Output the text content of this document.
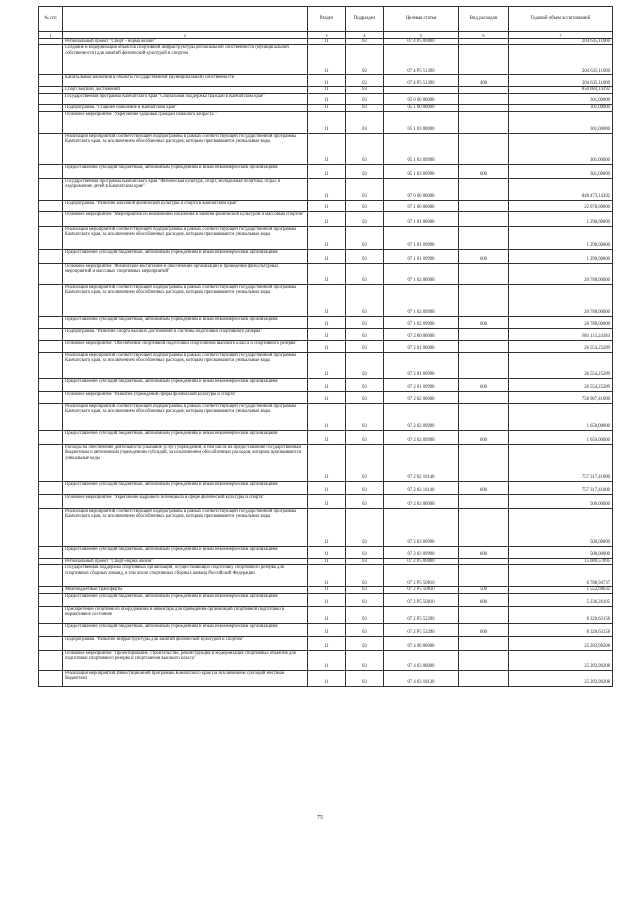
№ п/п		Раздел	Подраздел	Целевая статья	Вид расходов	Годовой объем ассигнований
1	2	3	4	5	6	7
	Региональный проект "Спорт - норма жизни"	11	02	07 4 P5 00000		204 635,11000
	Создание и модернизация объектов спортивной инфраструктуры региональной собственности (муниципальной собственности) для занятий физической культурой и спортом	11	02	07 4 P5 51390		204 635,11000
	Капитальные вложения в объекты государственной (муниципальной) собственности	11	02	07 4 P5 51390	400	204 635,11000
	Спорт высших достижений	11	03			850 084,14392
	Государственная программа Камчатского края "Социальная поддержка граждан в Камчатском крае"	11	03	05 0 00 00000		301,00000
	Подпрограмма "Старшее поколение в Камчатском крае"	11	03	05 1 00 00000		301,00000
	Основное мероприятие "Укрепление здоровья граждан пожилого возраста "	11	03	05 1 03 00000		301,00000
	Реализация мероприятий соответствующей подпрограммы в рамках соответствующей государственной программы Камчатского края, за исключением обособленных расходов, которым присваиваются уникальные коды	11	03	05 1 03 09990		301,00000
	Предоставление субсидий бюджетным, автономным учреждениям и иным некоммерческим организациям	11	03	05 1 03 09990	600	301,00000
	Государственная программа Камчатского края "Физическая культура, спорт, молодежная политика, отдых и оздоровление детей в Камчатском крае"	11	03	07 0 00 00000		848 473,14392
	Подпрограмма "Развитие массовой физической культуры и спорта в Камчатском крае"	11	03	07 1 00 00000		22 078,00000
	Основное мероприятие "Мероприятия по вовлечению населения в занятия физической культурой и массовым спортом"	11	03	07 1 01 00000		1 290,00000
	Реализация мероприятий соответствующей подпрограммы в рамках соответствующей государственной программы Камчатского края, за исключением обособленных расходов, которым присваиваются уникальные коды	11	03	07 1 01 09990		1 290,00000
	Предоставление субсидий бюджетным, автономным учреждениям и иным некоммерческим организациям	11	03	07 1 01 09990	600	1 290,00000
	Основное мероприятие "Физическое воспитание и обеспечение организации и проведения физкультурных мероприятий и массовых спортивных мероприятий"	11	03	07 1 02 00000		20 788,00000
	Реализация мероприятий соответствующей подпрограммы в рамках соответствующей государственной программы Камчатского края, за исключением обособленных расходов, которым присваиваются уникальные коды	11	03	07 1 02 09990		20 788,00000
	Предоставление субсидий бюджетным, автономным учреждениям и иным некоммерческим организациям	11	03	07 1 02 09990	600	20 788,00000
	Подпрограмма "Развитие спорта высших достижений и системы подготовки спортивного резерва"	11	03	07 2 00 00000		801 111,24184
	Основное мероприятие "Обеспечение спортивной подготовки спортсменов высокого класса и спортивного резерва"	11	03	07 2 01 00000		26 554,25289
	Реализация мероприятий соответствующей подпрограммы в рамках соответствующей государственной программы Камчатского края, за исключением обособленных расходов, которым присваиваются уникальные коды	11	03	07 2 01 09990		26 554,25289
	Предоставление субсидий бюджетным, автономным учреждениям и иным некоммерческим организациям	11	03	07 2 01 09990	600	26 554,25289
	Основное мероприятие "Развитие учреждений сферы физической культуры и спорта"	11	03	07 2 02 00000		758 967,41000
	Реализация мероприятий соответствующей подпрограммы в рамках соответствующей государственной программы Камчатского края, за исключением обособленных расходов, которым присваиваются уникальные коды	11	03	07 2 02 09990		1 650,00000
	Предоставление субсидий бюджетным, автономным учреждениям и иным некоммерческим организациям	11	03	07 2 02 09990	600	1 650,00000
	Расходы на обеспечение деятельности (оказание услуг) учреждений, в том числе на предоставление государственным бюджетным и автономным учреждениям субсидий, за исключением обособленных расходов, которым присваиваются уникальные коды	11	03	07 2 02 10140		757 317,41000
	Предоставление субсидий бюджетным, автономным учреждениям и иным некоммерческим организациям	11	03	07 2 02 10140	600	757 317,41000
	Основное мероприятие "Укрепление кадрового потенциала в сфере физической культуры и спорта"	11	03	07 2 03 00000		500,00000
	Реализация мероприятий соответствующей подпрограммы в рамках соответствующей государственной программы Камчатского края, за исключением обособленных расходов, которым присваиваются уникальные коды	11	03	07 2 03 09990		500,00000
	Предоставление субсидий бюджетным, автономным учреждениям и иным некоммерческим организациям	11	03	07 2 03 09990	600	500,00000
	Региональный проект "Спорт-норма жизни"	11	03	07 2 P5 00000		15 089,57895
	Государственная поддержка спортивных организаций, осуществляющих подготовку спортивного резерва для спортивных сборных команд, в том числе спортивных сборных команд Российской Федерации	11	03	07 2 P5 50810		6 788,94737
	Межбюджетные трансферты	11	03	07 2 P5 50810	500	1 552,68632
	Предоставление субсидий бюджетным, автономным учреждениям и иным некоммерческим организациям	11	03	07 2 P5 50810	600	5 236,26105
	Приобретение спортивного оборудования и инвентаря для приведения организаций спортивной подготовки в нормативное состояние	11	03	07 2 P5 52290		8 320,63158
	Предоставление субсидий бюджетным, автономным учреждениям и иным некоммерческим организациям	11	03	07 2 P5 52290	600	8 320,63158
	Подпрограмма "Развитие инфраструктуры для занятий физической культурой и спортом"	11	03	07 4 00 00000		25 283,90208
	Основное мероприятие "Проектирование, строительство, реконструкция и модернизация спортивных объектов для подготовки спортивного резерва и спортсменов высокого класса"	11	03	07 4 03 00000		25 283,90208
	Реализация мероприятий Инвестиционной программы Камчатского края (за исключением субсидий местным бюджетам)	11	03	07 4 03 10130		25 283,90208
75
